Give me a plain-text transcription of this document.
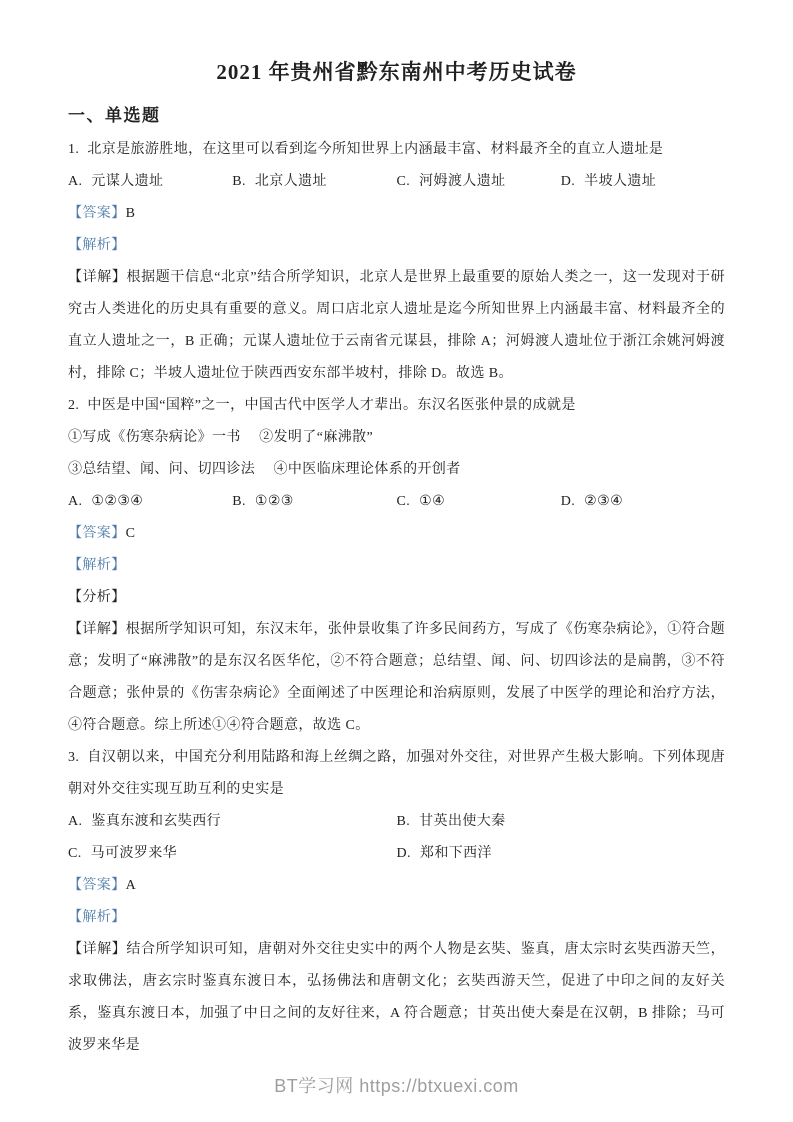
2021 年贵州省黔东南州中考历史试卷
一、单选题

1. 北京是旅游胜地，在这里可以看到迄今所知世界上内涵最丰富、材料最齐全的直立人遗址是

A. 元谋人遗址	B. 北京人遗址	C. 河姆渡人遗址	D. 半坡人遗址

【答案】B

【解析】

【详解】根据题干信息“北京”结合所学知识，北京人是世界上最重要的原始人类之一，这一发现对于研究古人类进化的历史具有重要的意义。周口店北京人遗址是迄今所知世界上内涵最丰富、材料最齐全的直立人遗址之一，B 正确；元谋人遗址位于云南省元谋县，排除 A；河姆渡人遗址位于浙江余姚河姆渡村，排除 C；半坡人遗址位于陕西西安东部半坡村，排除 D。故选 B。

2. 中医是中国“国粹”之一，中国古代中医学人才辈出。东汉名医张仲景的成就是

①写成《伤寒杂病论》一书　 ②发明了“麻沸散”

③总结望、闻、问、切四诊法　 ④中医临床理论体系的开创者

A. ①②③④	B. ①②③	C. ①④	D. ②③④

【答案】C

【解析】

【分析】

【详解】根据所学知识可知，东汉末年，张仲景收集了许多民间药方，写成了《伤寒杂病论》，①符合题意；发明了“麻沸散”的是东汉名医华佗，②不符合题意；总结望、闻、问、切四诊法的是扁鹊，③不符合题意；张仲景的《伤害杂病论》全面阐述了中医理论和治病原则，发展了中医学的理论和治疗方法，④符合题意。综上所述①④符合题意，故选 C。

3. 自汉朝以来，中国充分利用陆路和海上丝绸之路，加强对外交往，对世界产生极大影响。下列体现唐朝对外交往实现互助互利的史实是

A. 鉴真东渡和玄奘西行	B. 甘英出使大秦
C. 马可波罗来华	D. 郑和下西洋

【答案】A

【解析】

【详解】结合所学知识可知，唐朝对外交往史实中的两个人物是玄奘、鉴真，唐太宗时玄奘西游天竺，求取佛法，唐玄宗时鉴真东渡日本，弘扬佛法和唐朝文化；玄奘西游天竺，促进了中印之间的友好关系，鉴真东渡日本，加强了中日之间的友好往来，A 符合题意；甘英出使大秦是在汉朝，B 排除；马可波罗来华是

BT学习网 https://btxuexi.com
